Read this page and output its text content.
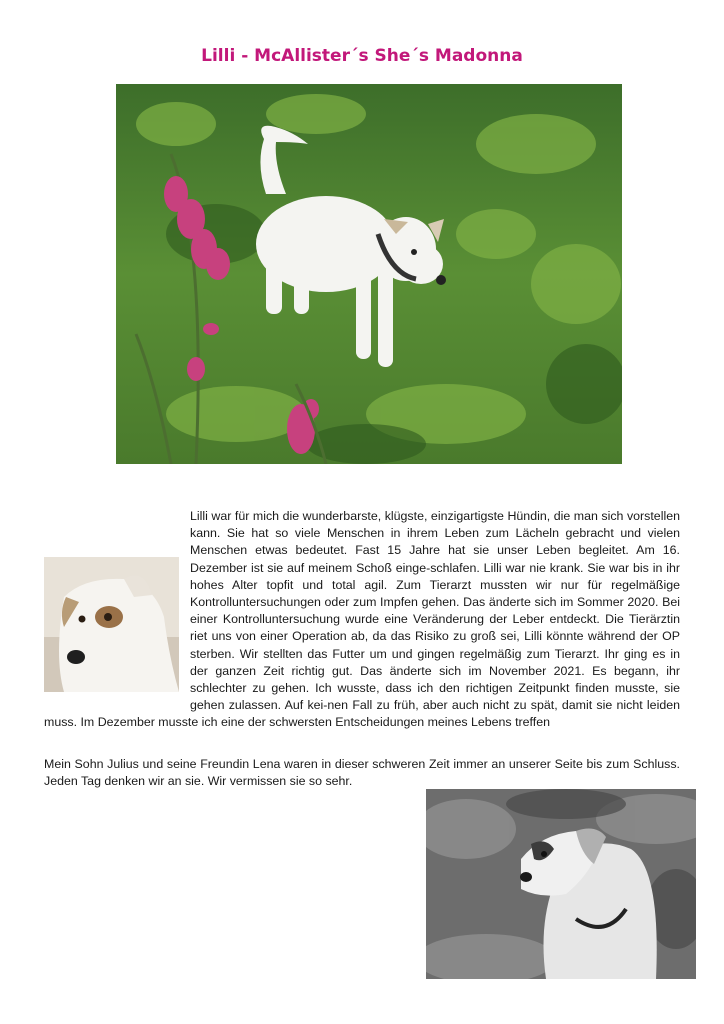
Lilli - McAllister´s She´s Madonna
Lilli war für mich die wunderbarste, klügste, einzigartigste Hündin, die man sich vorstellen kann. Sie hat so viele Menschen in ihrem Leben zum Lächeln gebracht und vielen Menschen etwas bedeutet. Fast 15 Jahre hat sie unser Leben begleitet. Am 16. Dezember ist sie auf meinem Schoß einge-schlafen. Lilli war nie krank. Sie war bis in ihr hohes Alter topfit und total agil. Zum Tierarzt mussten wir nur für regelmäßige Kontrolluntersuchungen oder zum Impfen gehen. Das änderte sich im Sommer 2020. Bei einer Kontrolluntersuchung wurde eine Veränderung der Leber entdeckt. Die Tierärztin riet uns von einer Operation ab, da das Risiko zu groß sei, Lilli könnte während der OP sterben. Wir stellten das Futter um und gingen regelmäßig zum Tierarzt. Ihr ging es in der ganzen Zeit richtig gut. Das änderte sich im November 2021. Es begann, ihr schlechter zu gehen. Ich wusste, dass ich den richtigen Zeitpunkt finden musste, sie gehen zulassen. Auf kei-nen Fall zu früh, aber auch nicht zu spät, damit sie nicht leiden muss. Im Dezember musste ich eine der schwersten Entscheidungen meines Lebens treffen
Mein Sohn Julius und seine Freundin Lena waren in dieser schweren Zeit immer an unserer Seite bis zum Schluss. Jeden Tag denken wir an sie. Wir vermissen sie so sehr.
